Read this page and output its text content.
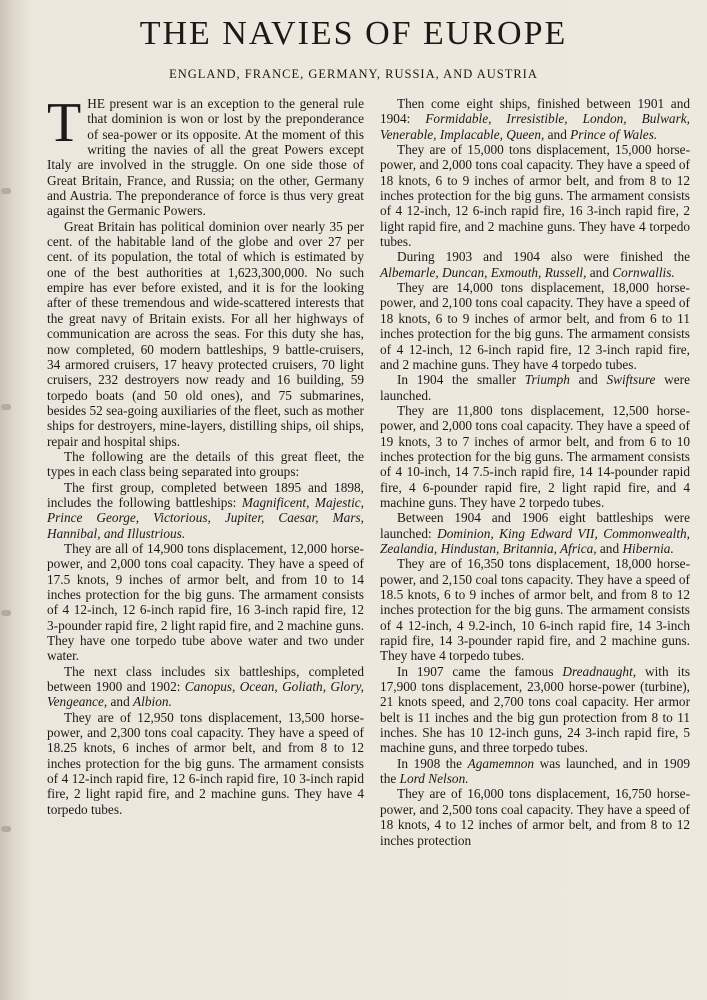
THE NAVIES OF EUROPE
ENGLAND, FRANCE, GERMANY, RUSSIA, AND AUSTRIA

THE present war is an exception to the general rule that dominion is won or lost by the preponderance of sea-power or its opposite. At the moment of this writing the navies of all the great Powers except Italy are involved in the struggle. On one side those of Great Britain, France, and Russia; on the other, Germany and Austria. The preponderance of force is thus very great against the Germanic Powers.

Great Britain has political dominion over nearly 35 per cent. of the habitable land of the globe and over 27 per cent. of its population, the total of which is estimated by one of the best authorities at 1,623,300,000. No such empire has ever before existed, and it is for the looking after of these tremendous and wide-scattered interests that the great navy of Britain exists. For all her highways of communication are across the seas. For this duty she has, now completed, 60 modern battleships, 9 battle-cruisers, 34 armored cruisers, 17 heavy protected cruisers, 70 light cruisers, 232 destroyers now ready and 16 building, 59 torpedo boats (and 50 old ones), and 75 submarines, besides 52 sea-going auxiliaries of the fleet, such as mother ships for destroyers, mine-layers, distilling ships, oil ships, repair and hospital ships.

The following are the details of this great fleet, the types in each class being separated into groups:

The first group, completed between 1895 and 1898, includes the following battleships: Magnificent, Majestic, Prince George, Victorious, Jupiter, Caesar, Mars, Hannibal, and Illustrious.

They are all of 14,900 tons displacement, 12,000 horse-power, and 2,000 tons coal capacity. They have a speed of 17.5 knots, 9 inches of armor belt, and from 10 to 14 inches protection for the big guns. The armament consists of 4 12-inch, 12 6-inch rapid fire, 16 3-inch rapid fire, 12 3-pounder rapid fire, 2 light rapid fire, and 2 machine guns. They have one torpedo tube above water and two under water.

The next class includes six battleships, completed between 1900 and 1902: Canopus, Ocean, Goliath, Glory, Vengeance, and Albion.

They are of 12,950 tons displacement, 13,500 horse-power, and 2,300 tons coal capacity. They have a speed of 18.25 knots, 6 inches of armor belt, and from 8 to 12 inches protection for the big guns. The armament consists of 4 12-inch rapid fire, 12 6-inch rapid fire, 10 3-inch rapid fire, 2 light rapid fire, and 2 machine guns. They have 4 torpedo tubes.

Then come eight ships, finished between 1901 and 1904: Formidable, Irresistible, London, Bulwark, Venerable, Implacable, Queen, and Prince of Wales.

They are of 15,000 tons displacement, 15,000 horse-power, and 2,000 tons coal capacity. They have a speed of 18 knots, 6 to 9 inches of armor belt, and from 8 to 12 inches protection for the big guns. The armament consists of 4 12-inch, 12 6-inch rapid fire, 16 3-inch rapid fire, 2 light rapid fire, and 2 machine guns. They have 4 torpedo tubes.

During 1903 and 1904 also were finished the Albemarle, Duncan, Exmouth, Russell, and Cornwallis.

They are 14,000 tons displacement, 18,000 horse-power, and 2,100 tons coal capacity. They have a speed of 18 knots, 6 to 9 inches of armor belt, and from 6 to 11 inches protection for the big guns. The armament consists of 4 12-inch, 12 6-inch rapid fire, 12 3-inch rapid fire, and 2 machine guns. They have 4 torpedo tubes.

In 1904 the smaller Triumph and Swiftsure were launched.

They are 11,800 tons displacement, 12,500 horse-power, and 2,000 tons coal capacity. They have a speed of 19 knots, 3 to 7 inches of armor belt, and from 6 to 10 inches protection for the big guns. The armament consists of 4 10-inch, 14 7.5-inch rapid fire, 14 14-pounder rapid fire, 4 6-pounder rapid fire, 2 light rapid fire, and 4 machine guns. They have 2 torpedo tubes.

Between 1904 and 1906 eight battleships were launched: Dominion, King Edward VII, Commonwealth, Zealandia, Hindustan, Britannia, Africa, and Hibernia.

They are of 16,350 tons displacement, 18,000 horse-power, and 2,150 coal tons capacity. They have a speed of 18.5 knots, 6 to 9 inches of armor belt, and from 8 to 12 inches protection for the big guns. The armament consists of 4 12-inch, 4 9.2-inch, 10 6-inch rapid fire, 14 3-inch rapid fire, 14 3-pounder rapid fire, and 2 machine guns. They have 4 torpedo tubes.

In 1907 came the famous Dreadnaught, with its 17,900 tons displacement, 23,000 horse-power (turbine), 21 knots speed, and 2,700 tons coal capacity. Her armor belt is 11 inches and the big gun protection from 8 to 11 inches. She has 10 12-inch guns, 24 3-inch rapid fire, 5 machine guns, and three torpedo tubes.

In 1908 the Agamemnon was launched, and in 1909 the Lord Nelson.

They are of 16,000 tons displacement, 16,750 horse-power, and 2,500 tons coal capacity. They have a speed of 18 knots, 4 to 12 inches of armor belt, and from 8 to 12 inches protection
